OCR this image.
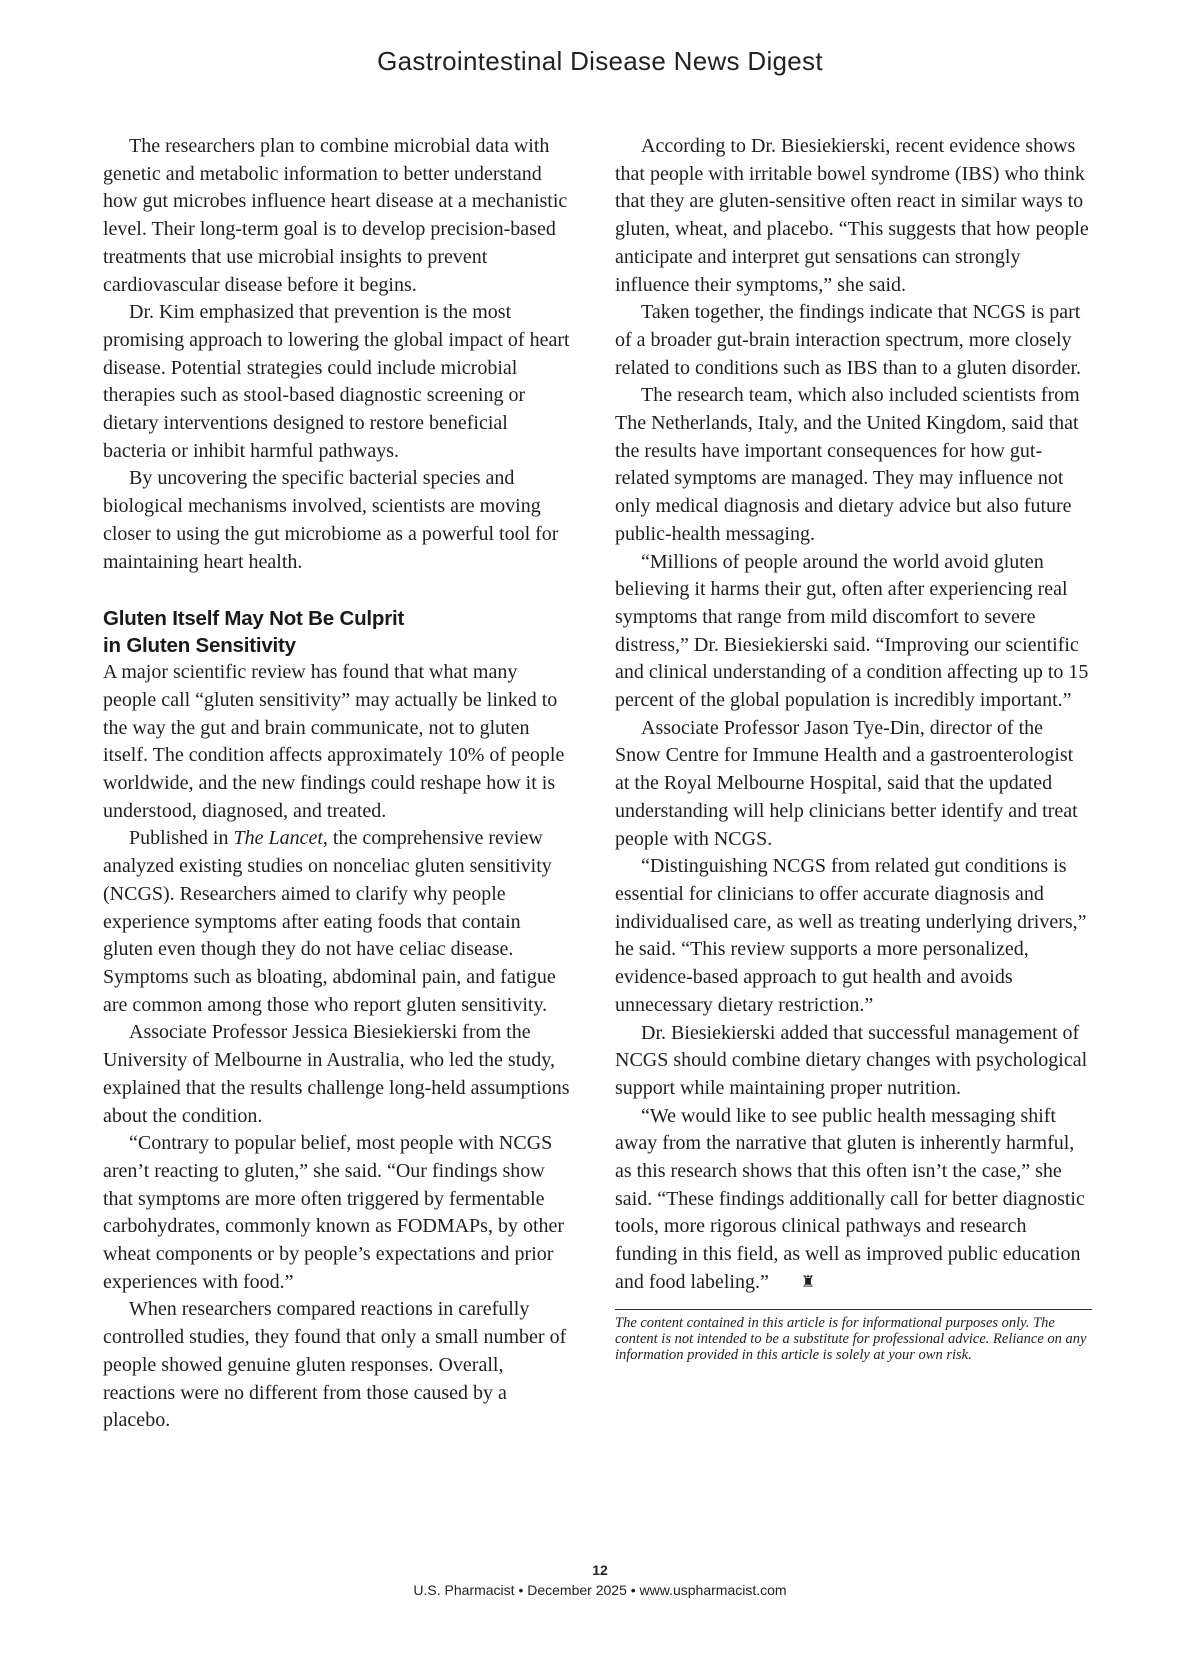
Gastrointestinal Disease News Digest

The researchers plan to combine microbial data with genetic and metabolic information to better understand how gut microbes influence heart disease at a mechanistic level. Their long-term goal is to develop precision-based treatments that use microbial insights to prevent cardiovascular disease before it begins.

Dr. Kim emphasized that prevention is the most promising approach to lowering the global impact of heart disease. Potential strategies could include microbial therapies such as stool-based diagnostic screening or dietary interventions designed to restore beneficial bacteria or inhibit harmful pathways.

By uncovering the specific bacterial species and biological mechanisms involved, scientists are moving closer to using the gut microbiome as a powerful tool for maintaining heart health.

Gluten Itself May Not Be Culprit
in Gluten Sensitivity

A major scientific review has found that what many people call “gluten sensitivity” may actually be linked to the way the gut and brain communicate, not to gluten itself. The condition affects approximately 10% of people worldwide, and the new findings could reshape how it is understood, diagnosed, and treated.

Published in The Lancet, the comprehensive review analyzed existing studies on nonceliac gluten sensitivity (NCGS). Researchers aimed to clarify why people experience symptoms after eating foods that contain gluten even though they do not have celiac disease. Symptoms such as bloating, abdominal pain, and fatigue are common among those who report gluten sensitivity.

Associate Professor Jessica Biesiekierski from the University of Melbourne in Australia, who led the study, explained that the results challenge long-held assumptions about the condition.

“Contrary to popular belief, most people with NCGS aren’t reacting to gluten,” she said. “Our findings show that symptoms are more often triggered by fermentable carbohydrates, commonly known as FODMAPs, by other wheat components or by people’s expectations and prior experiences with food.”

When researchers compared reactions in carefully controlled studies, they found that only a small number of people showed genuine gluten responses. Overall, reactions were no different from those caused by a placebo.

According to Dr. Biesiekierski, recent evidence shows that people with irritable bowel syndrome (IBS) who think that they are gluten-sensitive often react in similar ways to gluten, wheat, and placebo. “This suggests that how people anticipate and interpret gut sensations can strongly influence their symptoms,” she said.

Taken together, the findings indicate that NCGS is part of a broader gut-brain interaction spectrum, more closely related to conditions such as IBS than to a gluten disorder.

The research team, which also included scientists from The Netherlands, Italy, and the United Kingdom, said that the results have important consequences for how gut-related symptoms are managed. They may influence not only medical diagnosis and dietary advice but also future public-health messaging.

“Millions of people around the world avoid gluten believing it harms their gut, often after experiencing real symptoms that range from mild discomfort to severe distress,” Dr. Biesiekierski said. “Improving our scientific and clinical understanding of a condition affecting up to 15 percent of the global population is incredibly important.”

Associate Professor Jason Tye-Din, director of the Snow Centre for Immune Health and a gastroenterologist at the Royal Melbourne Hospital, said that the updated understanding will help clinicians better identify and treat people with NCGS.

“Distinguishing NCGS from related gut conditions is essential for clinicians to offer accurate diagnosis and individualised care, as well as treating underlying drivers,” he said. “This review supports a more personalized, evidence-based approach to gut health and avoids unnecessary dietary restriction.”

Dr. Biesiekierski added that successful management of NCGS should combine dietary changes with psychological support while maintaining proper nutrition.

“We would like to see public health messaging shift away from the narrative that gluten is inherently harmful, as this research shows that this often isn’t the case,” she said. “These findings additionally call for better diagnostic tools, more rigorous clinical pathways and research funding in this field, as well as improved public education and food labeling.” ♜

The content contained in this article is for informational purposes only. The content is not intended to be a substitute for professional advice. Reliance on any information provided in this article is solely at your own risk.
12
U.S. Pharmacist • December 2025 • www.uspharmacist.com
